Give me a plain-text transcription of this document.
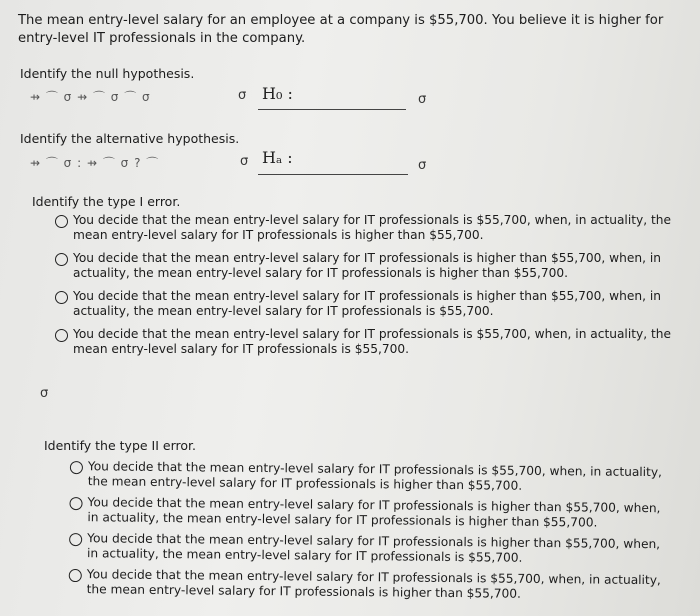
The mean entry-level salary for an employee at a company is $55,700. You believe it is higher for entry-level IT professionals in the company.
Identify the null hypothesis.
⇸ ⌒ σ ⇸ ⌒ σ ⌒ σ	σ H₀ :	σ
Identify the alternative hypothesis.
⇸ ⌒ σ : ⇸ ⌒ σ ? ⌒	σ Hₐ :	σ
Identify the type I error.
You decide that the mean entry-level salary for IT professionals is $55,700, when, in actuality, the mean entry-level salary for IT professionals is higher than $55,700.
You decide that the mean entry-level salary for IT professionals is higher than $55,700, when, in actuality, the mean entry-level salary for IT professionals is higher than $55,700.
You decide that the mean entry-level salary for IT professionals is higher than $55,700, when, in actuality, the mean entry-level salary for IT professionals is $55,700.
You decide that the mean entry-level salary for IT professionals is $55,700, when, in actuality, the mean entry-level salary for IT professionals is $55,700.
σ
Identify the type II error.
You decide that the mean entry-level salary for IT professionals is $55,700, when, in actuality, the mean entry-level salary for IT professionals is higher than $55,700.
You decide that the mean entry-level salary for IT professionals is higher than $55,700, when, in actuality, the mean entry-level salary for IT professionals is higher than $55,700.
You decide that the mean entry-level salary for IT professionals is higher than $55,700, when, in actuality, the mean entry-level salary for IT professionals is $55,700.
You decide that the mean entry-level salary for IT professionals is $55,700, when, in actuality, the mean entry-level salary for IT professionals is higher than $55,700.
